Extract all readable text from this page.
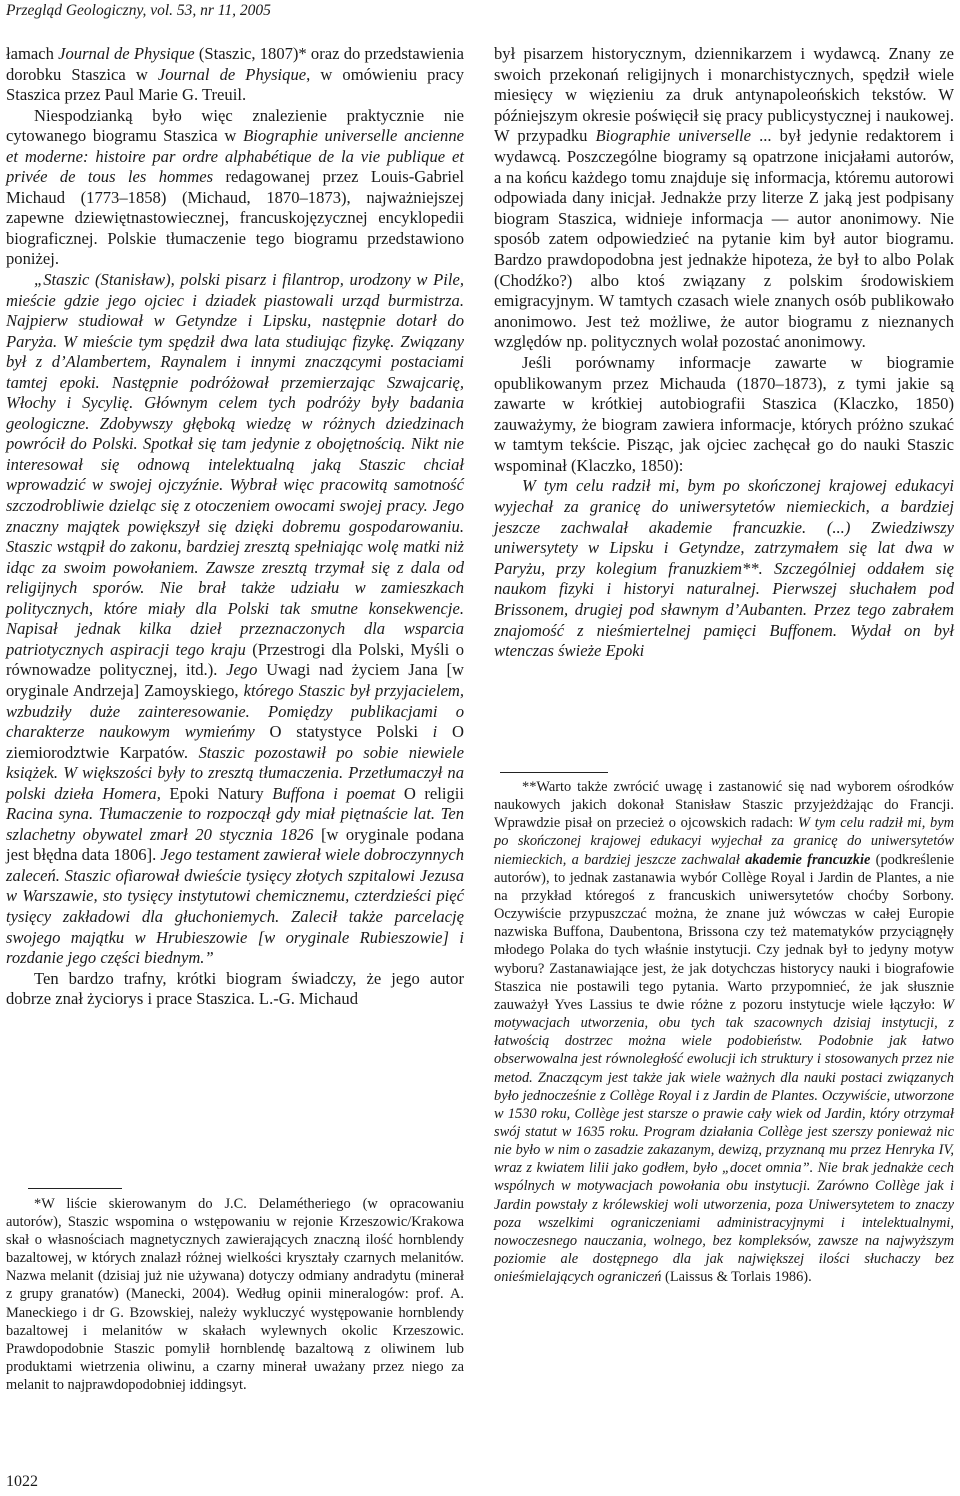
Przegląd Geologiczny, vol. 53, nr 11, 2005

łamach Journal de Physique (Staszic, 1807)* oraz do przedstawienia dorobku Staszica w Journal de Physique, w omówieniu pracy Staszica przez Paul Marie G. Treuil.

Niespodzianką było więc znalezienie praktycznie nie cytowanego biogramu Staszica w Biographie universelle ancienne et moderne: histoire par ordre alphabétique de la vie publique et privée de tous les hommes redagowanej przez Louis-Gabriel Michaud (1773–1858) (Michaud, 1870–1873), najważniejszej zapewne dziewiętnastowiecznej, francuskojęzycznej encyklopedii biograficznej. Polskie tłumaczenie tego biogramu przedstawiono poniżej.

„Staszic (Stanisław), polski pisarz i filantrop, urodzony w Pile, mieście gdzie jego ojciec i dziadek piastowali urząd burmistrza. Najpierw studiował w Getyndze i Lipsku, następnie dotarł do Paryża. W mieście tym spędził dwa lata studiując fizykę. Związany był z d’Alambertem, Raynalem i innymi znaczącymi postaciami tamtej epoki. Następnie podróżował przemierzając Szwajcarię, Włochy i Sycylię. Głównym celem tych podróży były badania geologiczne. Zdobywszy głęboką wiedzę w różnych dziedzinach powrócił do Polski. Spotkał się tam jedynie z obojętnością. Nikt nie interesował się odnową intelektualną jaką Staszic chciał wprowadzić w swojej ojczyźnie. Wybrał więc pracowitą samotność szczodrobliwie dzieląc się z otoczeniem owocami swojej pracy. Jego znaczny majątek powiększył się dzięki dobremu gospodarowaniu. Staszic wstąpił do zakonu, bardziej zresztą spełniając wolę matki niż idąc za swoim powołaniem. Zawsze zresztą trzymał się z dala od religijnych sporów. Nie brał także udziału w zamieszkach politycznych, które miały dla Polski tak smutne konsekwencje. Napisał jednak kilka dzieł przeznaczonych dla wsparcia patriotycznych aspiracji tego kraju (Przestrogi dla Polski, Myśli o równowadze politycznej, itd.). Jego Uwagi nad życiem Jana [w oryginale Andrzeja] Zamoyskiego, którego Staszic był przyjacielem, wzbudziły duże zainteresowanie. Pomiędzy publikacjami o charakterze naukowym wymieńmy O statystyce Polski i O ziemiorodztwie Karpatów. Staszic pozostawił po sobie niewiele książek. W większości były to zresztą tłumaczenia. Przetłumaczył na polski dzieła Homera, Epoki Natury Buffona i poemat O religii Racina syna. Tłumaczenie to rozpoczął gdy miał piętnaście lat. Ten szlachetny obywatel zmarł 20 stycznia 1826 [w oryginale podana jest błędna data 1806]. Jego testament zawierał wiele dobroczynnych zaleceń. Staszic ofiarował dwieście tysięcy złotych szpitalowi Jezusa w Warszawie, sto tysięcy instytutowi chemicznemu, czterdzieści pięć tysięcy zakładowi dla głuchoniemych. Zalecił także parcelację swojego majątku w Hrubieszowie [w oryginale Rubieszowie] i rozdanie jego części biednym.”

Ten bardzo trafny, krótki biogram świadczy, że jego autor dobrze znał życiorys i prace Staszica. L.-G. Michaud

*W liście skierowanym do J.C. Delamétheriego (w opracowaniu autorów), Staszic wspomina o wstępowaniu w rejonie Krzeszowic/Krakowa skał o własnościach magnetycznych zawierających znaczną ilość hornblendy bazaltowej, w których znalazł różnej wielkości kryształy czarnych melanitów. Nazwa melanit (dzisiaj już nie używana) dotyczy odmiany andradytu (minerał z grupy granatów) (Manecki, 2004). Według opinii mineralogów: prof. A. Maneckiego i dr G. Bzowskiej, należy wykluczyć występowanie hornblendy bazaltowej i melanitów w skałach wylewnych okolic Krzeszowic. Prawdopodobnie Staszic pomylił hornblendę bazaltową z oliwinem lub produktami wietrzenia oliwinu, a czarny minerał uważany przez niego za melanit to najprawdopodobniej iddingsyt.

był pisarzem historycznym, dziennikarzem i wydawcą. Znany ze swoich przekonań religijnych i monarchistycznych, spędził wiele miesięcy w więzieniu za druk antynapoleońskich tekstów. W późniejszym okresie poświęcił się pracy publicystycznej i naukowej. W przypadku Biographie universelle ... był jedynie redaktorem i wydawcą. Poszczególne biogramy są opatrzone inicjałami autorów, a na końcu każdego tomu znajduje się informacja, któremu autorowi odpowiada dany inicjał. Jednakże przy literze Z jaką jest podpisany biogram Staszica, widnieje informacja — autor anonimowy. Nie sposób zatem odpowiedzieć na pytanie kim był autor biogramu. Bardzo prawdopodobna jest jednakże hipoteza, że był to albo Polak (Chodźko?) albo ktoś związany z polskim środowiskiem emigracyjnym. W tamtych czasach wiele znanych osób publikowało anonimowo. Jest też możliwe, że autor biogramu z nieznanych względów np. politycznych wolał pozostać anonimowy.

Jeśli porównamy informacje zawarte w biogramie opublikowanym przez Michauda (1870–1873), z tymi jakie są zawarte w krótkiej autobiografii Staszica (Klaczko, 1850) zauważymy, że biogram zawiera informacje, których próżno szukać w tamtym tekście. Pisząc, jak ojciec zachęcał go do nauki Staszic wspominał (Klaczko, 1850):

W tym celu radził mi, bym po skończonej krajowej edukacyi wyjechał za granicę do uniwersytetów niemieckich, a bardziej jeszcze zachwalał akademie francuzkie. (...) Zwiedziwszy uniwersytety w Lipsku i Getyndze, zatrzymałem się lat dwa w Paryżu, przy kolegium franuzkiem**. Szczególniej oddałem się naukom fizyki i historyi naturalnej. Pierwszej słuchałem pod Brissonem, drugiej pod sławnym d’Aubanten. Przez tego zabrałem znajomość z nieśmiertelnej pamięci Buffonem. Wydał on był wtenczas świeże Epoki

**Warto także zwrócić uwagę i zastanowić się nad wyborem ośrodków naukowych jakich dokonał Stanisław Staszic przyjeżdżając do Francji. Wprawdzie pisał on przecież o ojcowskich radach: W tym celu radził mi, bym po skończonej krajowej edukacyi wyjechał za granicę do uniwersytetów niemieckich, a bardziej jeszcze zachwalał akademie francuzkie (podkreślenie autorów), to jednak zastanawia wybór Collège Royal i Jardin de Plantes, a nie na przykład któregoś z francuskich uniwersytetów choćby Sorbony. Oczywiście przypuszczać można, że znane już wówczas w całej Europie nazwiska Buffona, Daubentona, Brissona czy też matematyków przyciągnęły młodego Polaka do tych właśnie instytucji. Czy jednak był to jedyny motyw wyboru? Zastanawiające jest, że jak dotychczas historycy nauki i biografowie Staszica nie postawili tego pytania. Warto przypomnieć, że jak słusznie zauważył Yves Lassius te dwie różne z pozoru instytucje wiele łączyło: W motywacjach utworzenia, obu tych tak szacownych dzisiaj instytucji, z łatwością dostrzec można wiele podobieństw. Podobnie jak łatwo obserwowalna jest równoległość ewolucji ich struktury i stosowanych przez nie metod. Znaczącym jest także jak wiele ważnych dla nauki postaci związanych było jednocześnie z Collège Royal i z Jardin de Plantes. Oczywiście, utworzone w 1530 roku, Collège jest starsze o prawie cały wiek od Jardin, który otrzymał swój statut w 1635 roku. Program działania Collège jest szerszy ponieważ nic nie było w nim o zasadzie zakazanym, dewizą, przyznaną mu przez Henryka IV, wraz z kwiatem lilii jako godłem, było „docet omnia”. Nie brak jednakże cech wspólnych w motywacjach powołania obu instytucji. Zarówno Collège jak i Jardin powstały z królewskiej woli utworzenia, poza Uniwersytetem to znaczy poza wszelkimi ograniczeniami administracyjnymi i intelektualnymi, nowoczesnego nauczania, wolnego, bez kompleksów, zawsze na najwyższym poziomie ale dostępnego dla jak największej ilości słuchaczy bez onieśmielających ograniczeń (Laissus & Torlais 1986).

1022
